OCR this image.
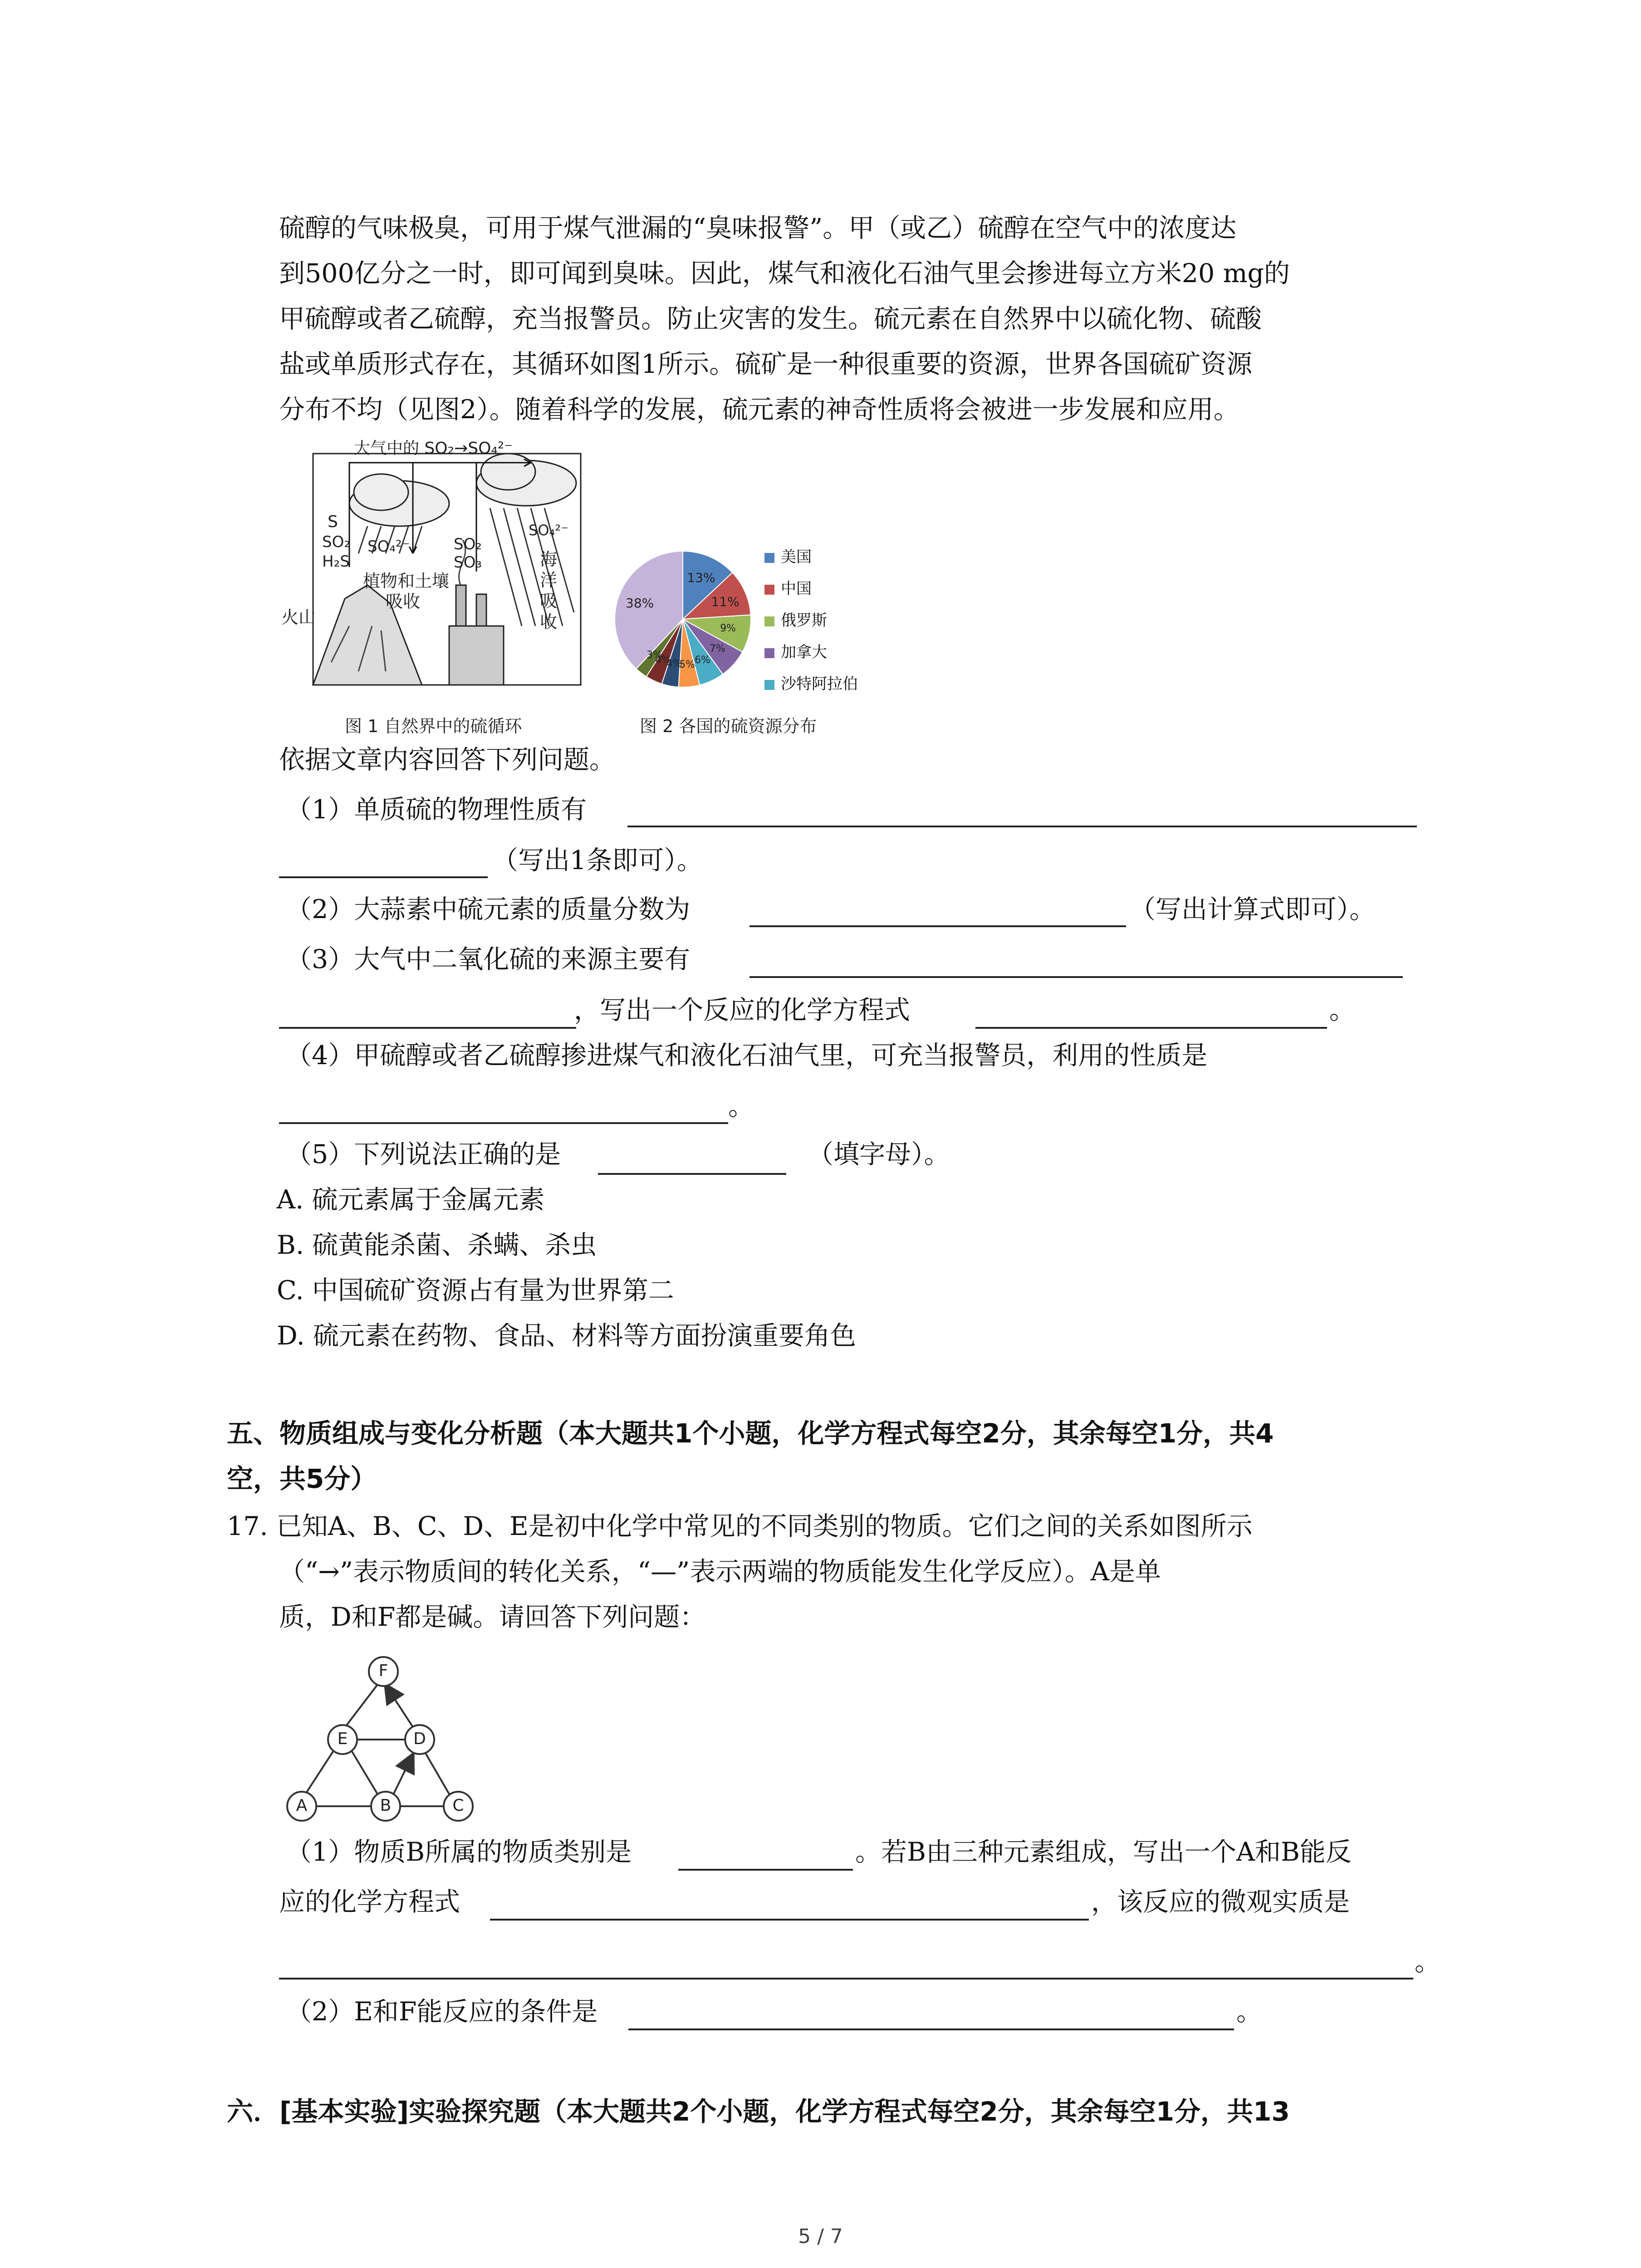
硫醇的气味极臭，可用于煤气泄漏的“臭味报警”。甲（或乙）硫醇在空气中的浓度达
到500亿分之一时，即可闻到臭味。因此，煤气和液化石油气里会掺进每立方米20 mg的
甲硫醇或者乙硫醇，充当报警员。防止灾害的发生。硫元素在自然界中以硫化物、硫酸
盐或单质形式存在，其循环如图1所示。硫矿是一种很重要的资源，世界各国硫矿资源
分布不均（见图2）。随着科学的发展，硫元素的神奇性质将会被进一步发展和应用。
大气中的 SO₂→SO₄²⁻
S
SO₂
H₂S
SO₄²⁻
植物和土壤
吸收
火山
SO₂
SO₃
SO₄²⁻
海洋吸收
图 1 自然界中的硫循环
13%
11%
9%
7%
6%
5%
4%
4%
3%
38%
美国
中国
俄罗斯
加拿大
沙特阿拉伯
图 2 各国的硫资源分布
依据文章内容回答下列问题。
（1）单质硫的物理性质有
（写出1条即可）。
（2）大蒜素中硫元素的质量分数为	（写出计算式即可）。
（3）大气中二氧化硫的来源主要有
，写出一个反应的化学方程式	。
（4）甲硫醇或者乙硫醇掺进煤气和液化石油气里，可充当报警员，利用的性质是
。
（5）下列说法正确的是	（填字母）。
A. 硫元素属于金属元素
B. 硫黄能杀菌、杀螨、杀虫
C. 中国硫矿资源占有量为世界第二
D. 硫元素在药物、食品、材料等方面扮演重要角色
五、物质组成与变化分析题（本大题共1个小题，化学方程式每空2分，其余每空1分，共4
空，共5分）
17. 已知A、B、C、D、E是初中化学中常见的不同类别的物质。它们之间的关系如图所示
（“→”表示物质间的转化关系，“—”表示两端的物质能发生化学反应）。A是单
质，D和F都是碱。请回答下列问题：
F
E	D
A	B	C
（1）物质B所属的物质类别是	。若B由三种元素组成，写出一个A和B能反
应的化学方程式	，该反应的微观实质是
。
（2）E和F能反应的条件是	。
六．[基本实验]实验探究题（本大题共2个小题，化学方程式每空2分，其余每空1分，共13
5 / 7
